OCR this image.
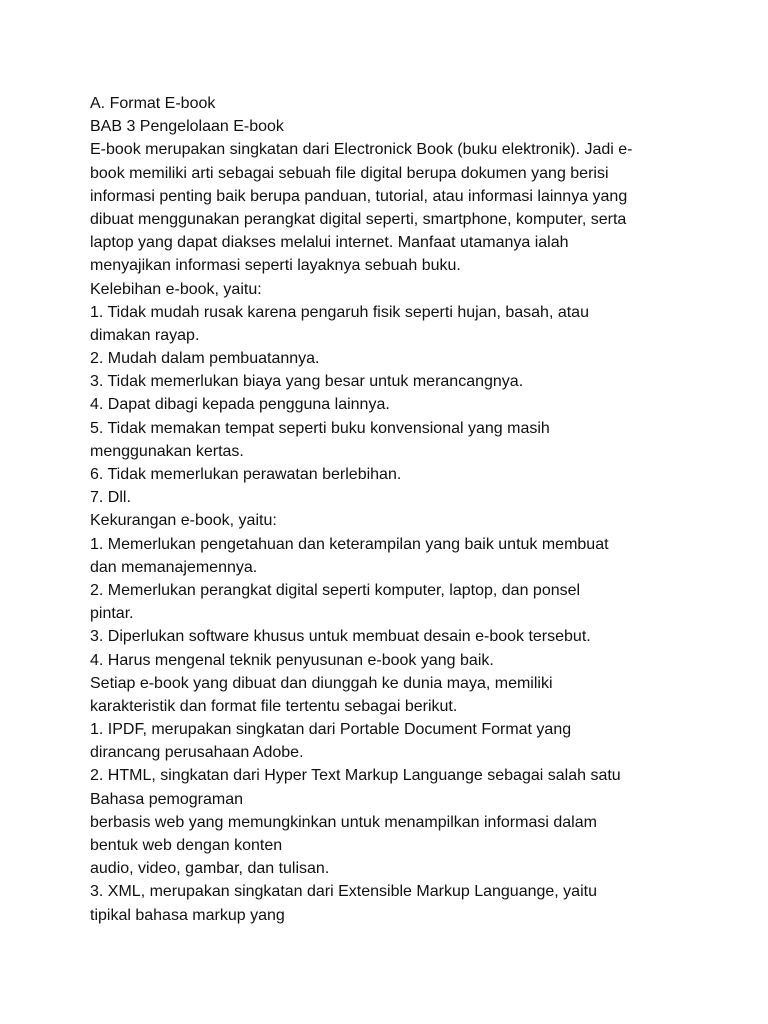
A. Format E-book
BAB 3 Pengelolaan E-book
E-book merupakan singkatan dari Electronick Book (buku elektronik). Jadi e-
book memiliki arti sebagai sebuah file digital berupa dokumen yang berisi
informasi penting baik berupa panduan, tutorial, atau informasi lainnya yang
dibuat menggunakan perangkat digital seperti, smartphone, komputer, serta
laptop yang dapat diakses melalui internet. Manfaat utamanya ialah
menyajikan informasi seperti layaknya sebuah buku.
Kelebihan e-book, yaitu:
1. Tidak mudah rusak karena pengaruh fisik seperti hujan, basah, atau
dimakan rayap.
2. Mudah dalam pembuatannya.
3. Tidak memerlukan biaya yang besar untuk merancangnya.
4. Dapat dibagi kepada pengguna lainnya.
5. Tidak memakan tempat seperti buku konvensional yang masih
menggunakan kertas.
6. Tidak memerlukan perawatan berlebihan.
7. Dll.
Kekurangan e-book, yaitu:
1. Memerlukan pengetahuan dan keterampilan yang baik untuk membuat
dan memanajemennya.
2. Memerlukan perangkat digital seperti komputer, laptop, dan ponsel
pintar.
3. Diperlukan software khusus untuk membuat desain e-book tersebut.
4. Harus mengenal teknik penyusunan e-book yang baik.
Setiap e-book yang dibuat dan diunggah ke dunia maya, memiliki
karakteristik dan format file tertentu sebagai berikut.
1. IPDF, merupakan singkatan dari Portable Document Format yang
dirancang perusahaan Adobe.
2. HTML, singkatan dari Hyper Text Markup Languange sebagai salah satu
Bahasa pemograman
berbasis web yang memungkinkan untuk menampilkan informasi dalam
bentuk web dengan konten
audio, video, gambar, dan tulisan.
3. XML, merupakan singkatan dari Extensible Markup Languange, yaitu
tipikal bahasa markup yang
